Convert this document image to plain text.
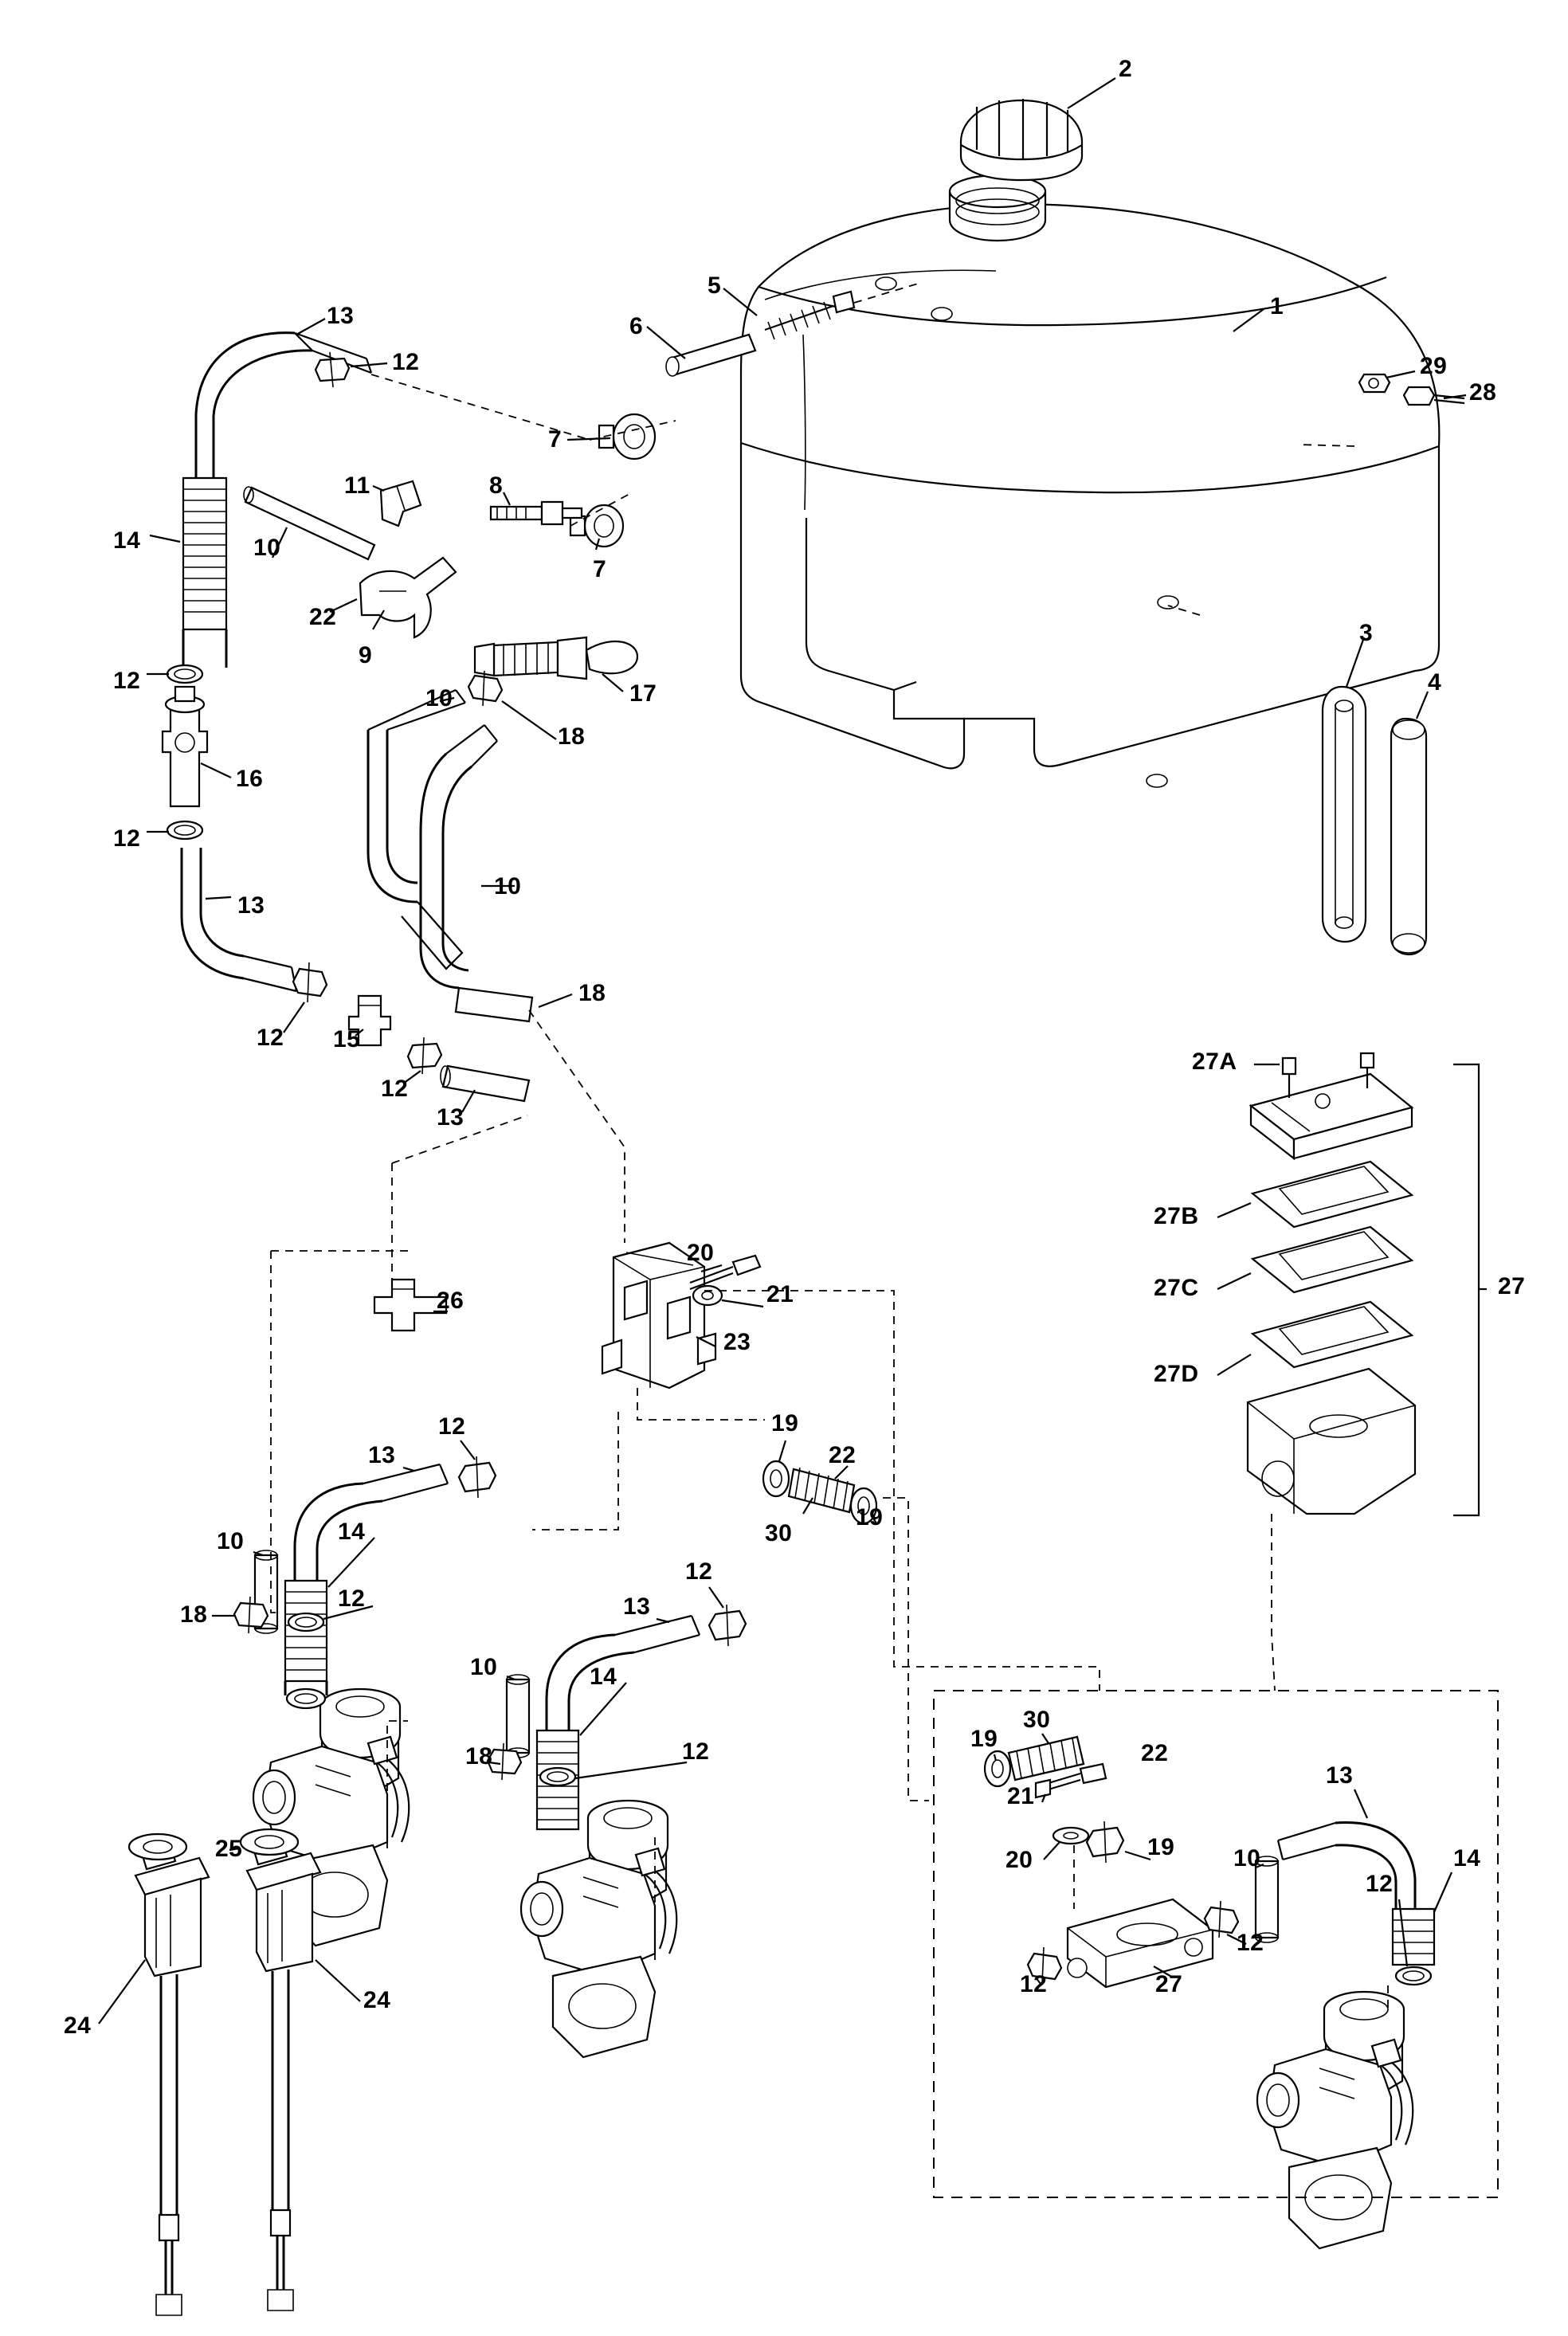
2
1
5
6
7
8
7
11
10
22
9
13
12
14
12
16
12
13
12 15
12
13
17
18
10
10
18
3
4
29
28
27A
27B
27C
27D
27
20
21
23
26
19
22
19
30
12
13
14
10
18
12
12
13
14
10
18	12
25
24
24
19
30
22
21
20	19
13
10	14
12
12	27
12
